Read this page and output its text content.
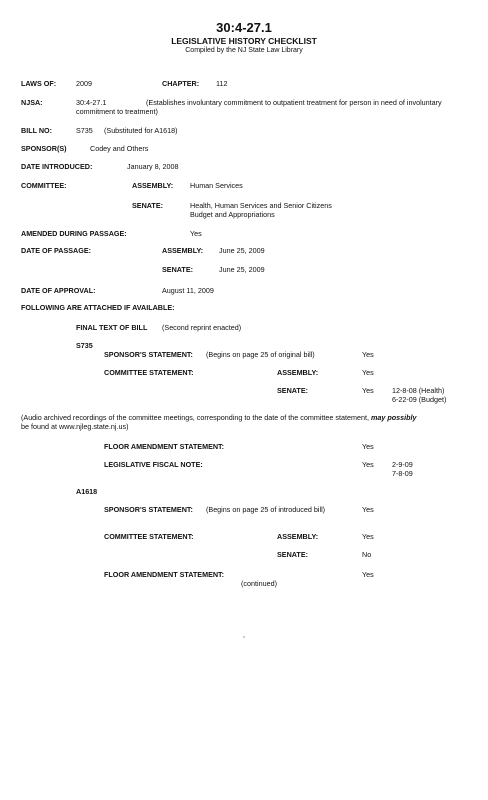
30:4-27.1
LEGISLATIVE HISTORY CHECKLIST
Compiled by the NJ State Law Library
LAWS OF:	2009	CHAPTER: 112
NJSA:	30:4-27.1	(Establishes involuntary commitment to outpatient treatment for person in need of involuntary commitment to treatment)
BILL NO:	S735 (Substituted for A1618)
SPONSOR(S)	Codey and Others
DATE INTRODUCED:	January 8, 2008
COMMITTEE:	ASSEMBLY: Human Services
SENATE:	Health, Human Services and Senior Citizens
Budget and Appropriations
AMENDED DURING PASSAGE:	Yes
DATE OF PASSAGE:	ASSEMBLY: June 25, 2009
SENATE:	June 25, 2009
DATE OF APPROVAL:	August 11, 2009
FOLLOWING ARE ATTACHED IF AVAILABLE:
FINAL TEXT OF BILL (Second reprint enacted)
S735
SPONSOR'S STATEMENT: (Begins on page 25 of original bill)	Yes
COMMITTEE STATEMENT:	ASSEMBLY:	Yes
SENATE:	Yes	12-8-08 (Health)
6-22-09 (Budget)
(Audio archived recordings of the committee meetings, corresponding to the date of the committee statement, may possibly
be found at www.njleg.state.nj.us)
FLOOR AMENDMENT STATEMENT:	Yes
LEGISLATIVE FISCAL NOTE:	Yes	2-9-09
7-8-09
A1618
SPONSOR'S STATEMENT: (Begins on page 25 of introduced bill)	Yes
COMMITTEE STATEMENT:	ASSEMBLY:	Yes
SENATE:	No
FLOOR AMENDMENT STATEMENT:	Yes
(continued)
